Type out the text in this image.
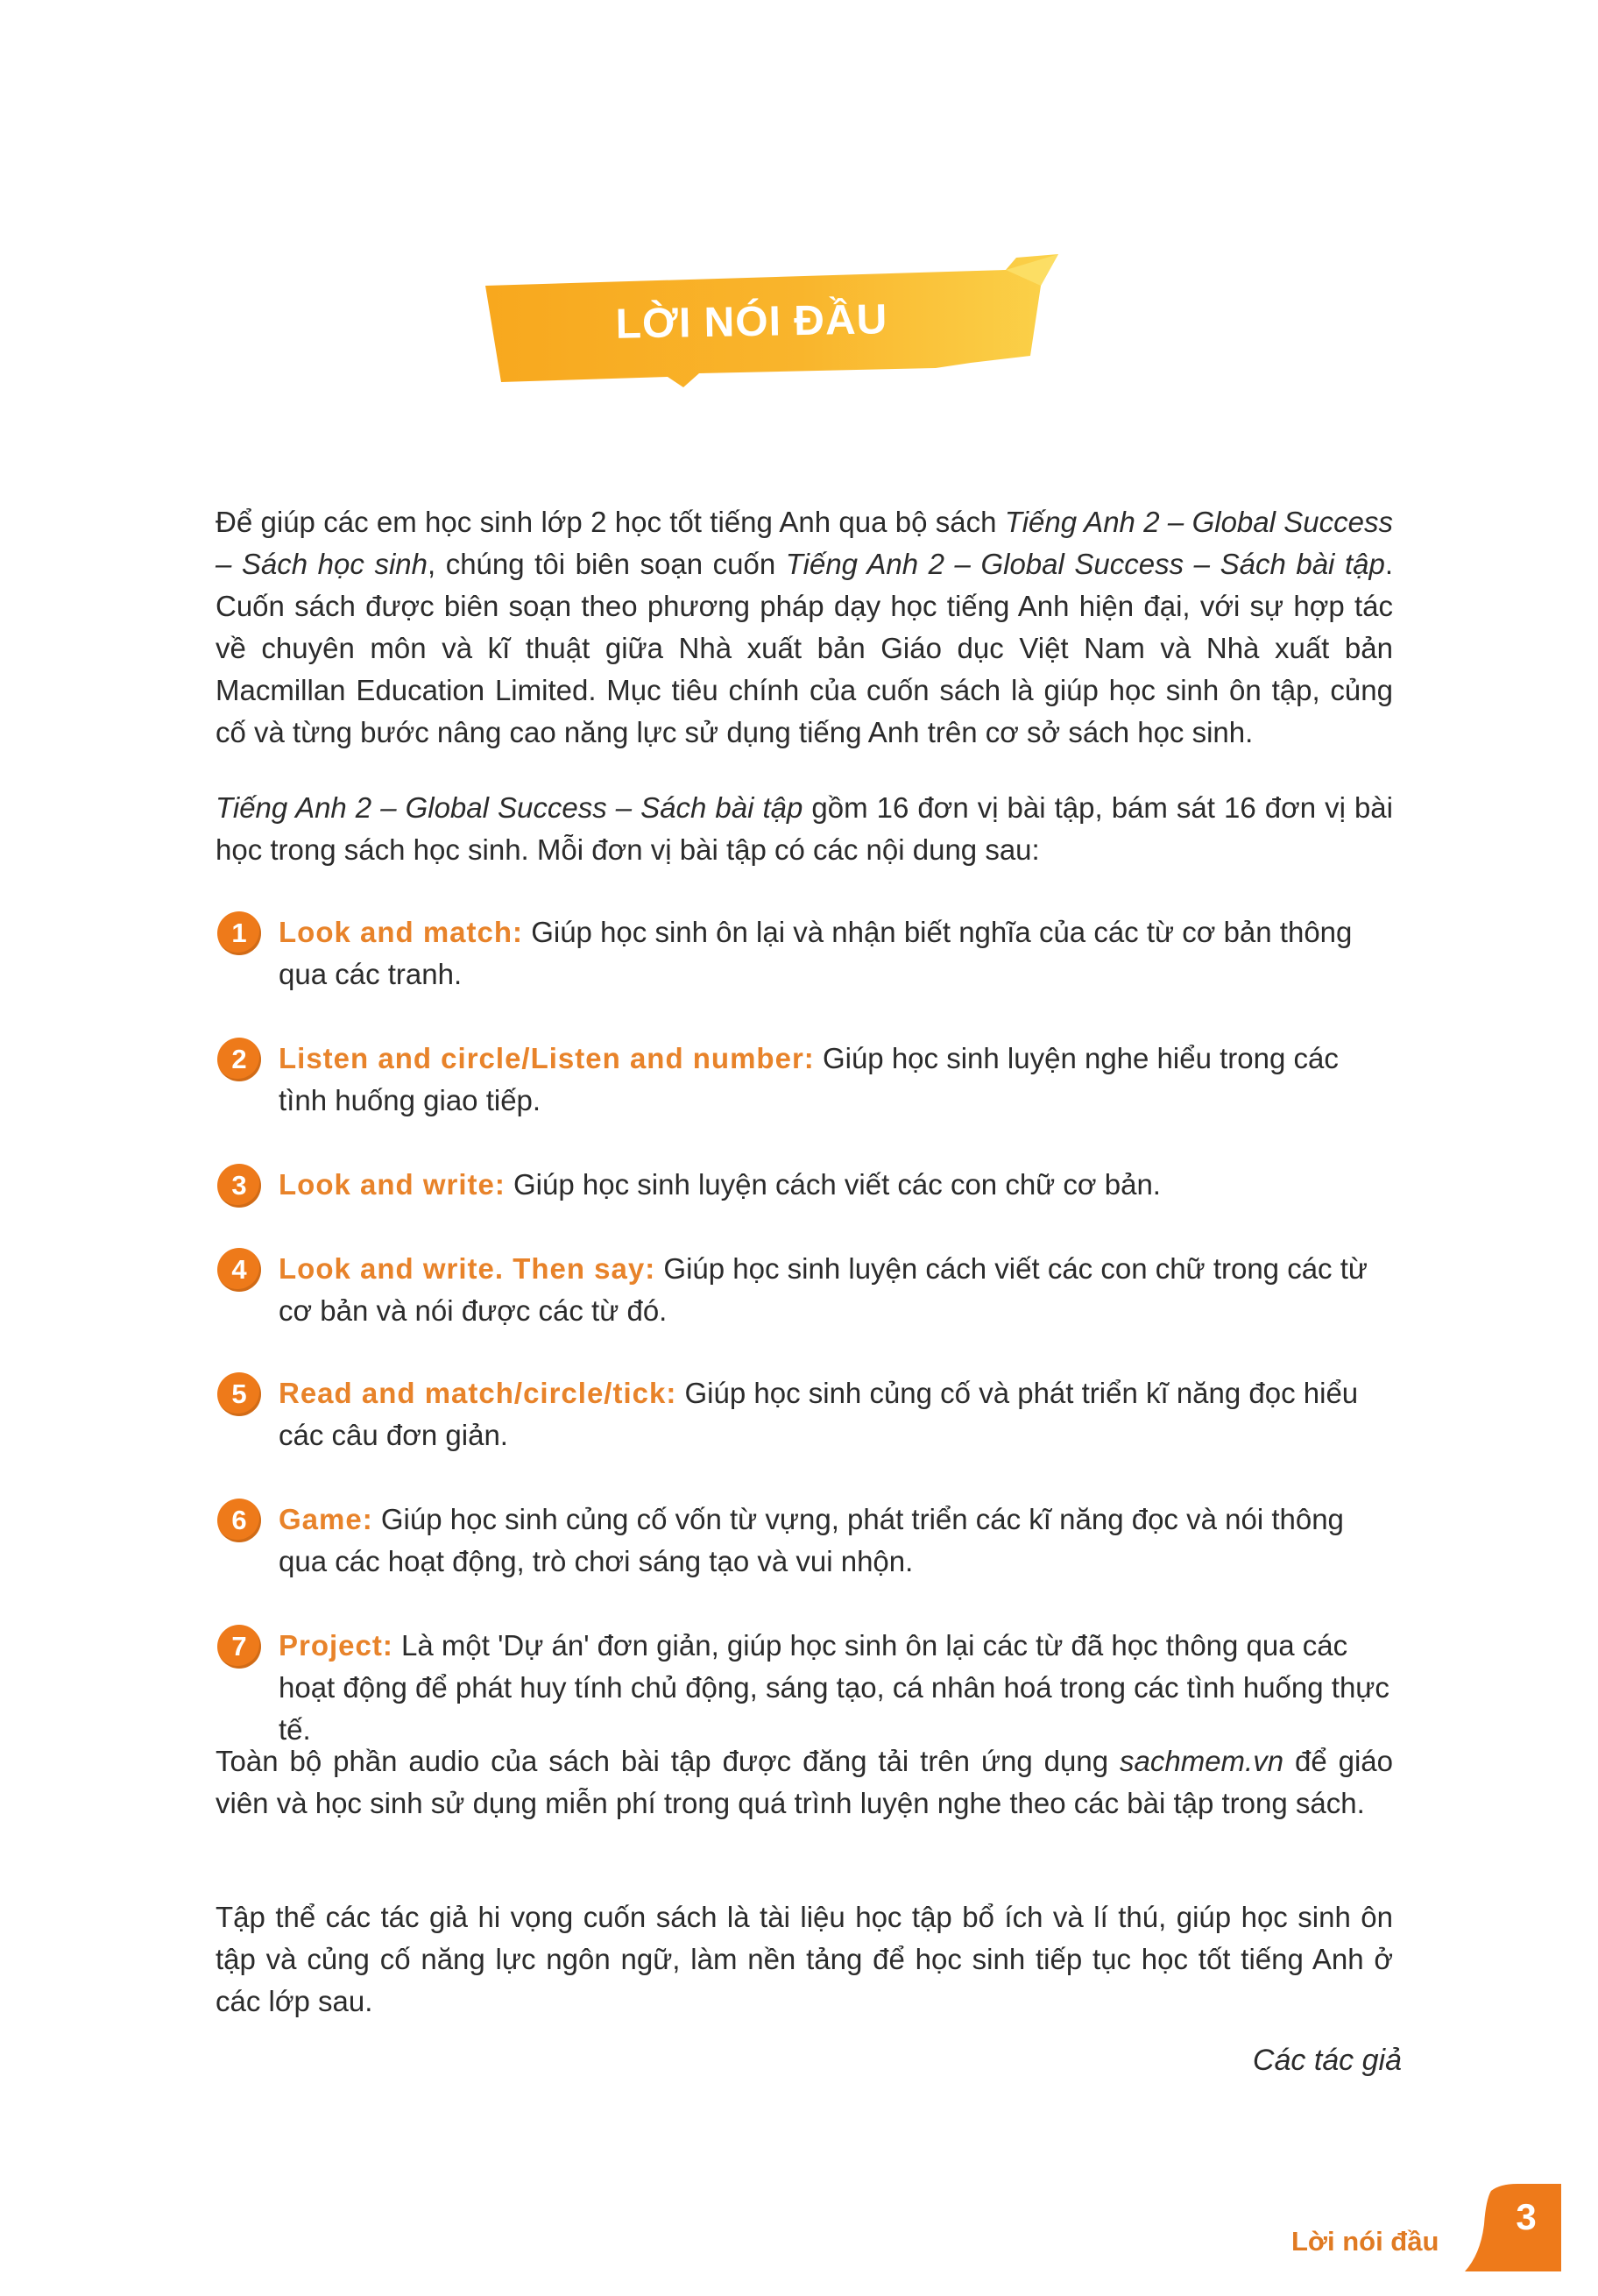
LỜI NÓI ĐẦU
Để giúp các em học sinh lớp 2 học tốt tiếng Anh qua bộ sách Tiếng Anh 2 – Global Success – Sách học sinh, chúng tôi biên soạn cuốn Tiếng Anh 2 – Global Success – Sách bài tập. Cuốn sách được biên soạn theo phương pháp dạy học tiếng Anh hiện đại, với sự hợp tác về chuyên môn và kĩ thuật giữa Nhà xuất bản Giáo dục Việt Nam và Nhà xuất bản Macmillan Education Limited. Mục tiêu chính của cuốn sách là giúp học sinh ôn tập, củng cố và từng bước nâng cao năng lực sử dụng tiếng Anh trên cơ sở sách học sinh.
Tiếng Anh 2 – Global Success – Sách bài tập gồm 16 đơn vị bài tập, bám sát 16 đơn vị bài học trong sách học sinh. Mỗi đơn vị bài tập có các nội dung sau:
1	Look and match: Giúp học sinh ôn lại và nhận biết nghĩa của các từ cơ bản thông qua các tranh.
2	Listen and circle/Listen and number: Giúp học sinh luyện nghe hiểu trong các tình huống giao tiếp.
3	Look and write: Giúp học sinh luyện cách viết các con chữ cơ bản.
4	Look and write. Then say: Giúp học sinh luyện cách viết các con chữ trong các từ cơ bản và nói được các từ đó.
5	Read and match/circle/tick: Giúp học sinh củng cố và phát triển kĩ năng đọc hiểu các câu đơn giản.
6	Game: Giúp học sinh củng cố vốn từ vựng, phát triển các kĩ năng đọc và nói thông qua các hoạt động, trò chơi sáng tạo và vui nhộn.
7	Project: Là một 'Dự án' đơn giản, giúp học sinh ôn lại các từ đã học thông qua các hoạt động để phát huy tính chủ động, sáng tạo, cá nhân hoá trong các tình huống thực tế.
Toàn bộ phần audio của sách bài tập được đăng tải trên ứng dụng sachmem.vn để giáo viên và học sinh sử dụng miễn phí trong quá trình luyện nghe theo các bài tập trong sách.
Tập thể các tác giả hi vọng cuốn sách là tài liệu học tập bổ ích và lí thú, giúp học sinh ôn tập và củng cố năng lực ngôn ngữ, làm nền tảng để học sinh tiếp tục học tốt tiếng Anh ở các lớp sau.
Các tác giả
Lời nói đầu
3
